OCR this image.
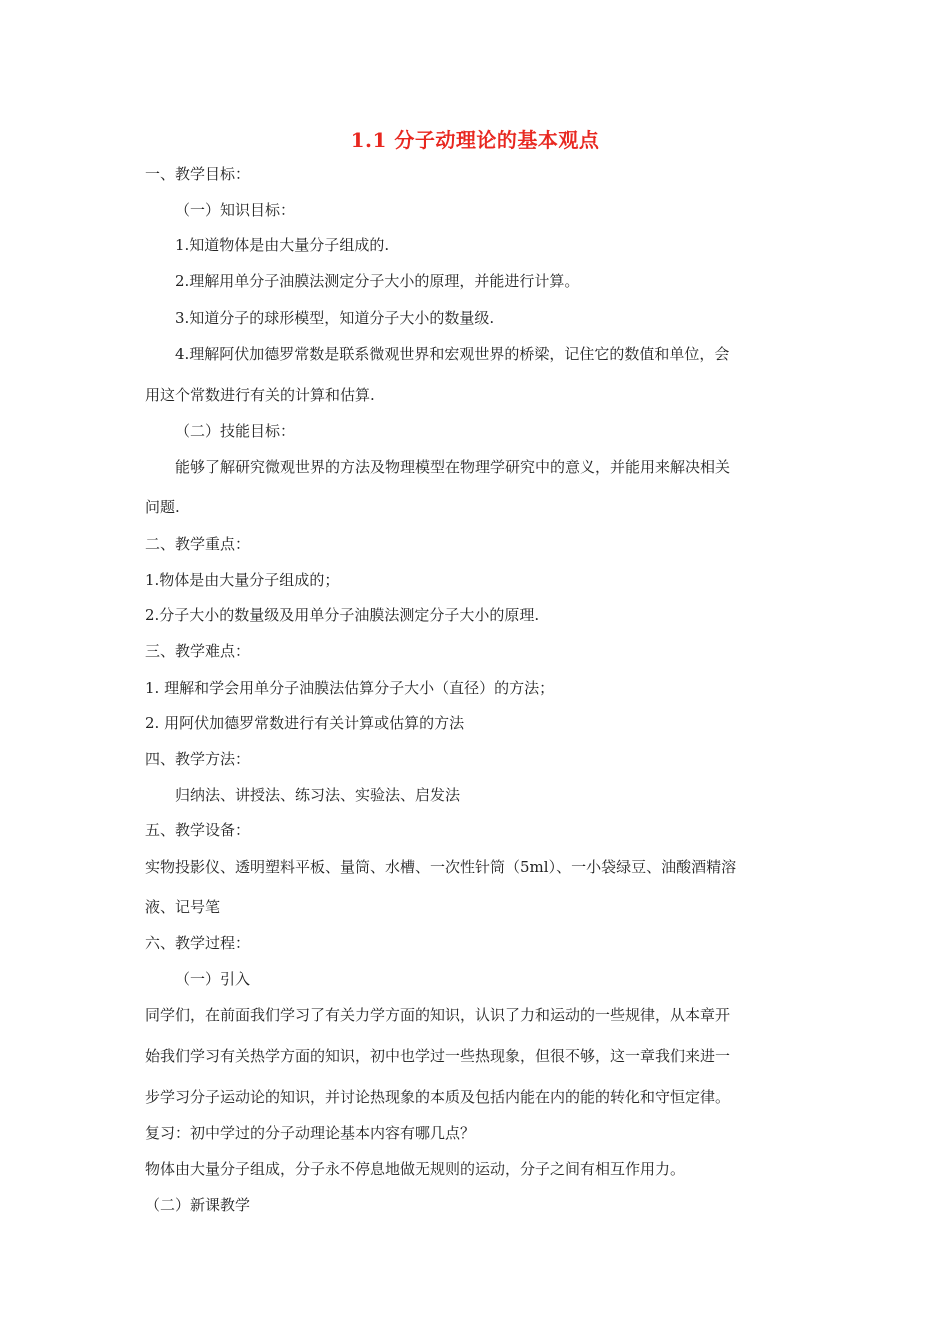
1.1 分子动理论的基本观点
一、教学目标：
（一）知识目标：
1.知道物体是由大量分子组成的.
2.理解用单分子油膜法测定分子大小的原理，并能进行计算。
3.知道分子的球形模型，知道分子大小的数量级.
4.理解阿伏加德罗常数是联系微观世界和宏观世界的桥梁，记住它的数值和单位，会
用这个常数进行有关的计算和估算.
（二）技能目标：
能够了解研究微观世界的方法及物理模型在物理学研究中的意义，并能用来解决相关
问题.
二、教学重点：
1.物体是由大量分子组成的；
2.分子大小的数量级及用单分子油膜法测定分子大小的原理.
三、教学难点：
1. 理解和学会用单分子油膜法估算分子大小（直径）的方法；
2. 用阿伏加德罗常数进行有关计算或估算的方法
四、教学方法：
归纳法、讲授法、练习法、实验法、启发法
五、教学设备：
实物投影仪、透明塑料平板、量筒、水槽、一次性针筒（5ml）、一小袋绿豆、油酸酒精溶
液、记号笔
六、教学过程：
（一）引入
同学们，在前面我们学习了有关力学方面的知识，认识了力和运动的一些规律，从本章开
始我们学习有关热学方面的知识，初中也学过一些热现象，但很不够，这一章我们来进一
步学习分子运动论的知识，并讨论热现象的本质及包括内能在内的能的转化和守恒定律。
复习：初中学过的分子动理论基本内容有哪几点？
物体由大量分子组成，分子永不停息地做无规则的运动，分子之间有相互作用力。
（二）新课教学
